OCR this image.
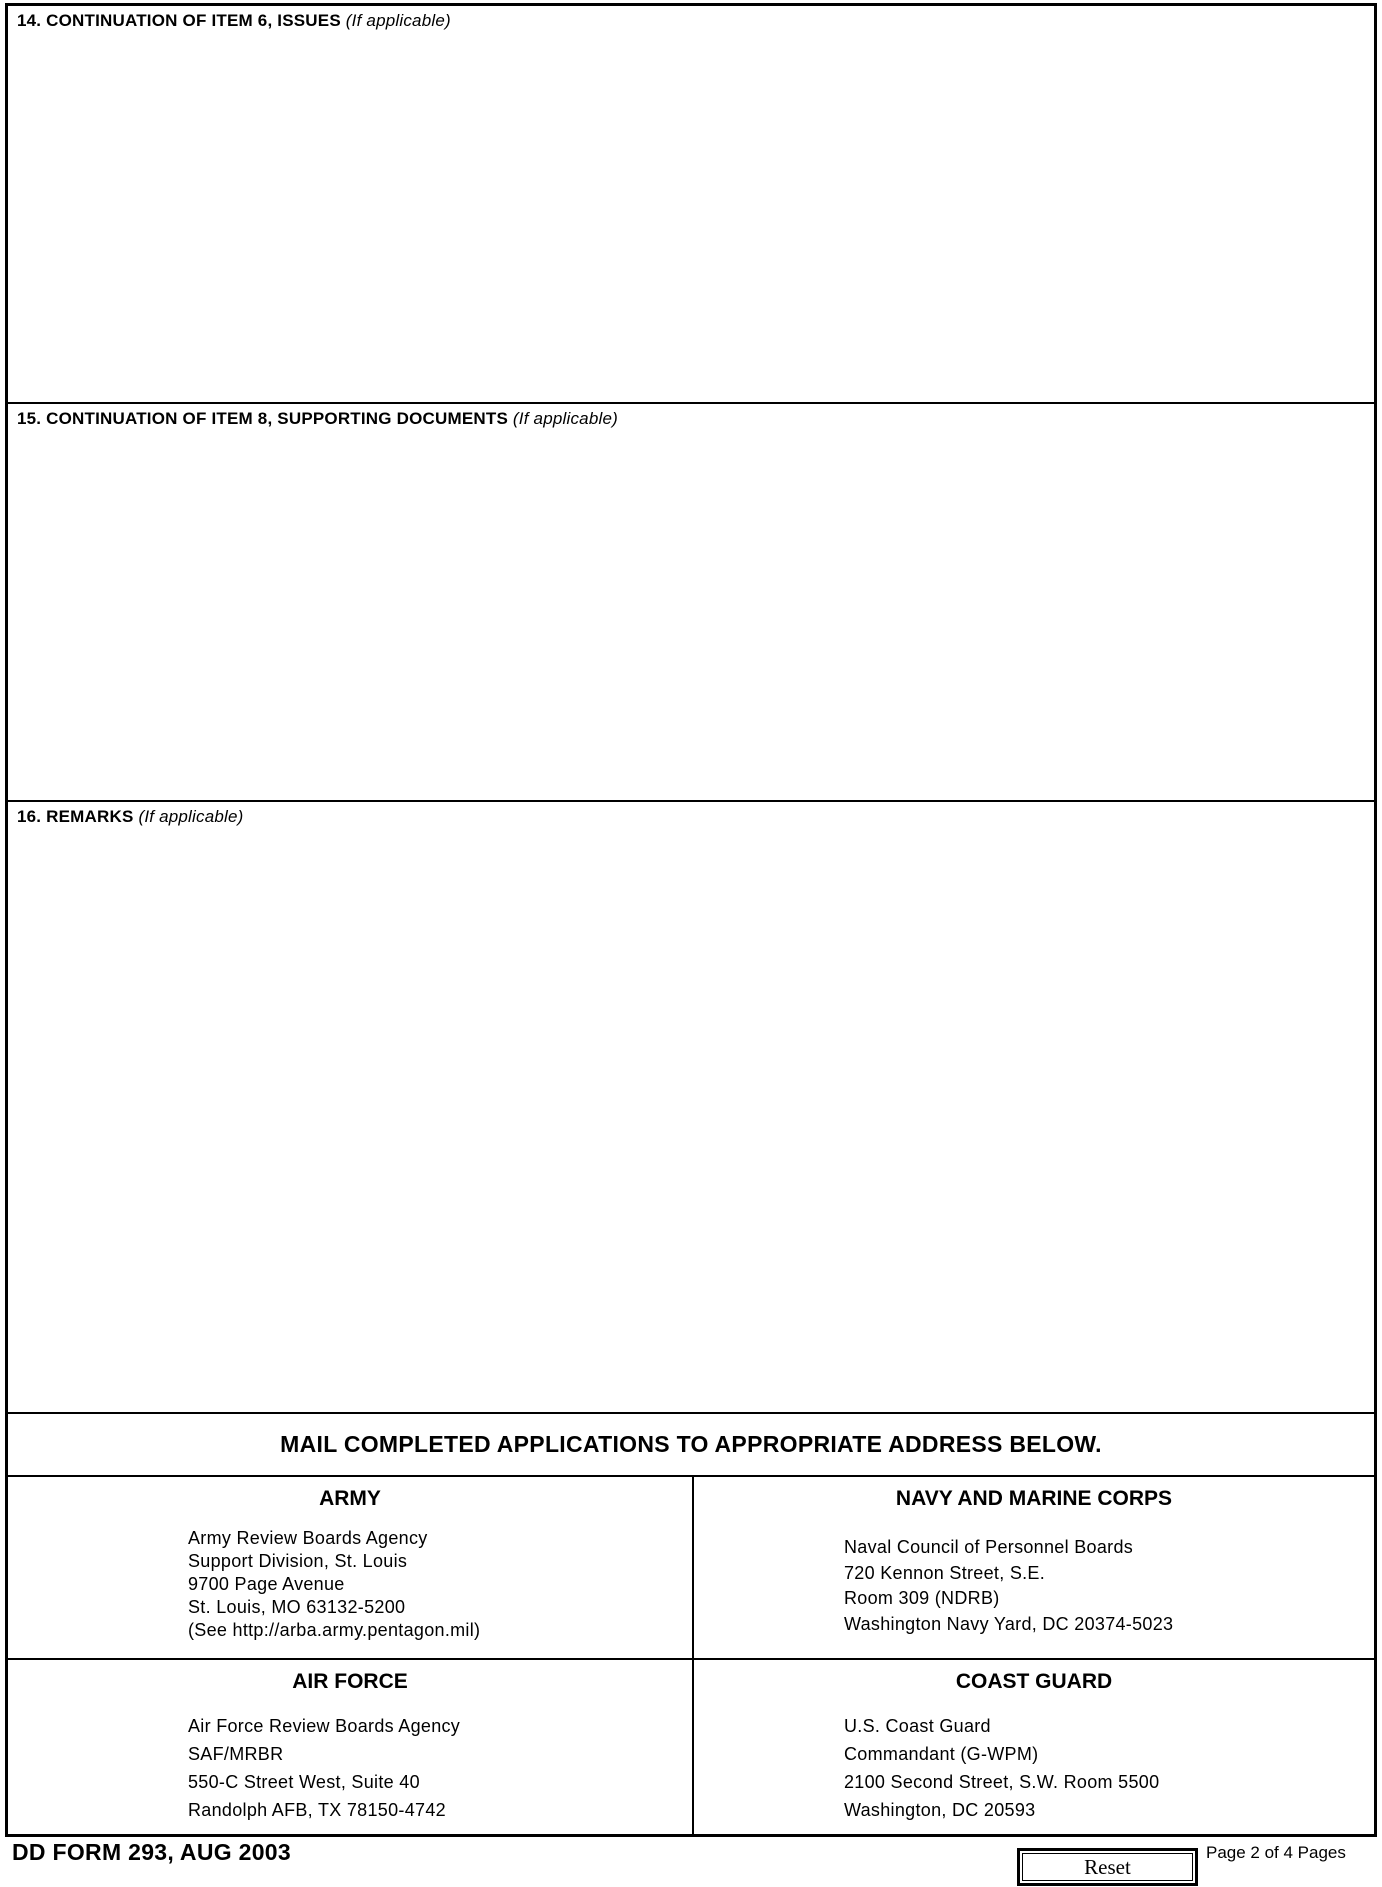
14. CONTINUATION OF ITEM 6, ISSUES (If applicable)
15. CONTINUATION OF ITEM 8, SUPPORTING DOCUMENTS (If applicable)
16. REMARKS (If applicable)
MAIL COMPLETED APPLICATIONS TO APPROPRIATE ADDRESS BELOW.
ARMY
Army Review Boards Agency
Support Division, St. Louis
9700 Page Avenue
St. Louis, MO 63132-5200
(See http://arba.army.pentagon.mil)
NAVY AND MARINE CORPS
Naval Council of Personnel Boards
720 Kennon Street, S.E.
Room 309 (NDRB)
Washington Navy Yard, DC 20374-5023
AIR FORCE
Air Force Review Boards Agency
SAF/MRBR
550-C Street West, Suite 40
Randolph AFB, TX 78150-4742
COAST GUARD
U.S. Coast Guard
Commandant (G-WPM)
2100 Second Street, S.W. Room 5500
Washington, DC 20593
DD FORM 293, AUG 2003
Reset
Page 2 of 4 Pages
